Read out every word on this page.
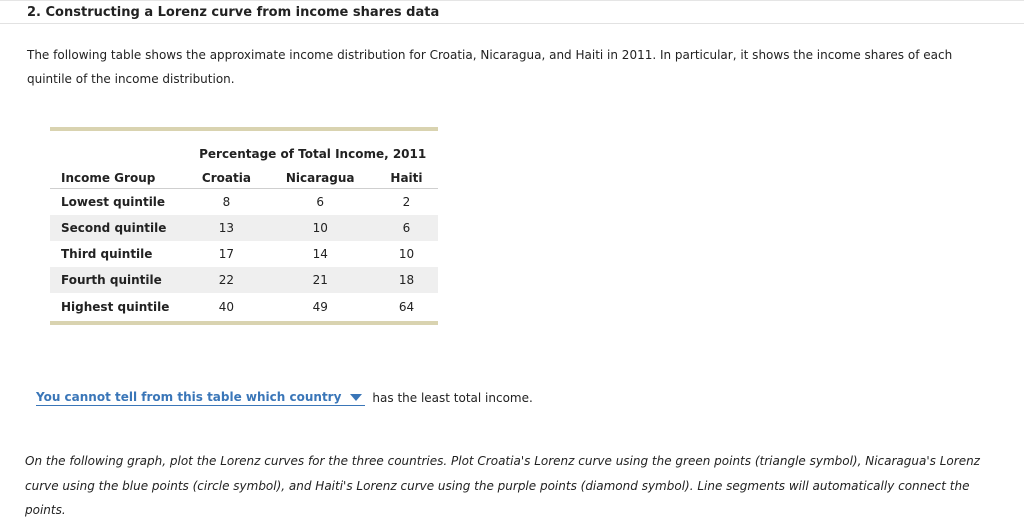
2. Constructing a Lorenz curve from income shares data
The following table shows the approximate income distribution for Croatia, Nicaragua, and Haiti in 2011. In particular, it shows the income shares of each quintile of the income distribution.
	Percentage of Total Income, 2011		
Income Group	Croatia	Nicaragua	Haiti
Lowest quintile	8	6	2
Second quintile	13	10	6
Third quintile	17	14	10
Fourth quintile	22	21	18
Highest quintile	40	49	64
You cannot tell from this table which country	has the least total income.
On the following graph, plot the Lorenz curves for the three countries. Plot Croatia's Lorenz curve using the green points (triangle symbol), Nicaragua's Lorenz curve using the blue points (circle symbol), and Haiti's Lorenz curve using the purple points (diamond symbol). Line segments will automatically connect the points.
